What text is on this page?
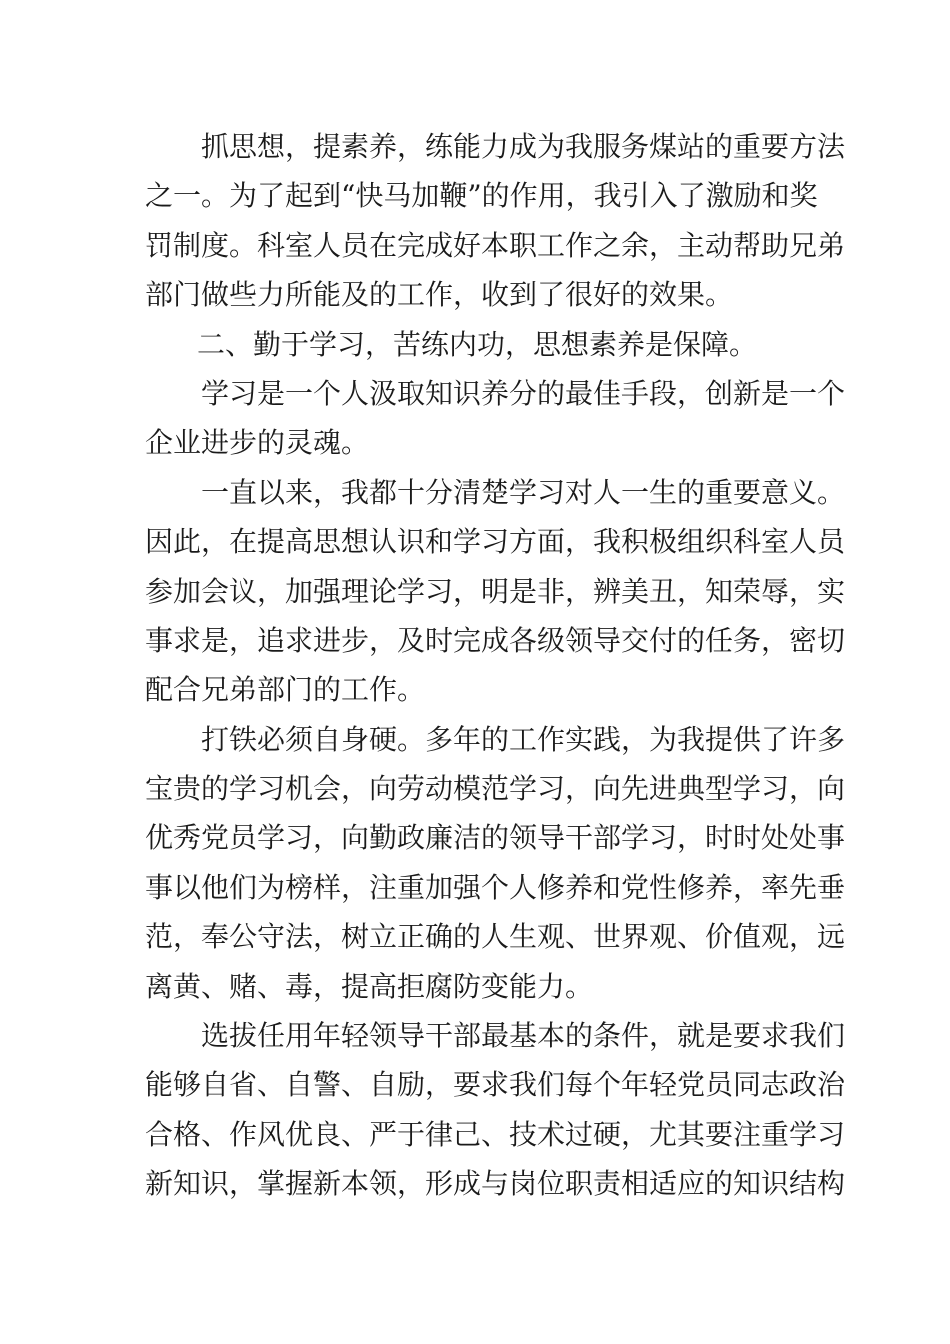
抓思想，提素养，练能力成为我服务煤站的重要方法
之一。为了起到“快马加鞭”的作用，我引入了激励和奖
罚制度。科室人员在完成好本职工作之余，主动帮助兄弟
部门做些力所能及的工作，收到了很好的效果。
二、勤于学习，苦练内功，思想素养是保障。
学习是一个人汲取知识养分的最佳手段，创新是一个
企业进步的灵魂。
一直以来，我都十分清楚学习对人一生的重要意义。
因此，在提高思想认识和学习方面，我积极组织科室人员
参加会议，加强理论学习，明是非，辨美丑，知荣辱，实
事求是，追求进步，及时完成各级领导交付的任务，密切
配合兄弟部门的工作。
打铁必须自身硬。多年的工作实践，为我提供了许多
宝贵的学习机会，向劳动模范学习，向先进典型学习，向
优秀党员学习，向勤政廉洁的领导干部学习，时时处处事
事以他们为榜样，注重加强个人修养和党性修养，率先垂
范，奉公守法，树立正确的人生观、世界观、价值观，远
离黄、赌、毒，提高拒腐防变能力。
选拔任用年轻领导干部最基本的条件，就是要求我们
能够自省、自警、自励，要求我们每个年轻党员同志政治
合格、作风优良、严于律己、技术过硬，尤其要注重学习
新知识，掌握新本领，形成与岗位职责相适应的知识结构
